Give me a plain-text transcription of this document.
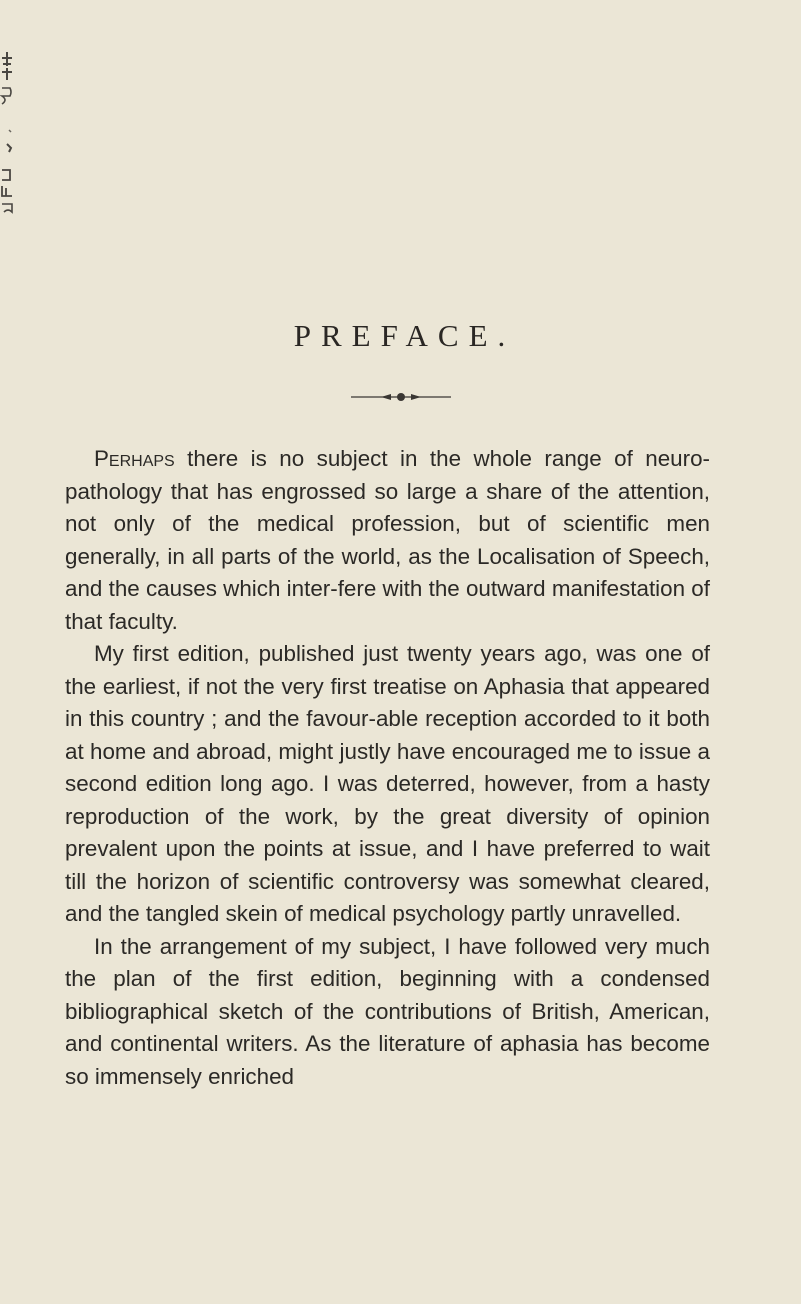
PREFACE.

Perhaps there is no subject in the whole range of neuro-pathology that has engrossed so large a share of the attention, not only of the medical profession, but of scientific men generally, in all parts of the world, as the Localisation of Speech, and the causes which inter-fere with the outward manifestation of that faculty.

My first edition, published just twenty years ago, was one of the earliest, if not the very first treatise on Aphasia that appeared in this country ; and the favour-able reception accorded to it both at home and abroad, might justly have encouraged me to issue a second edition long ago. I was deterred, however, from a hasty reproduction of the work, by the great diversity of opinion prevalent upon the points at issue, and I have preferred to wait till the horizon of scientific controversy was somewhat cleared, and the tangled skein of medical psychology partly unravelled.

In the arrangement of my subject, I have followed very much the plan of the first edition, beginning with a condensed bibliographical sketch of the contributions of British, American, and continental writers. As the literature of aphasia has become so immensely enriched
